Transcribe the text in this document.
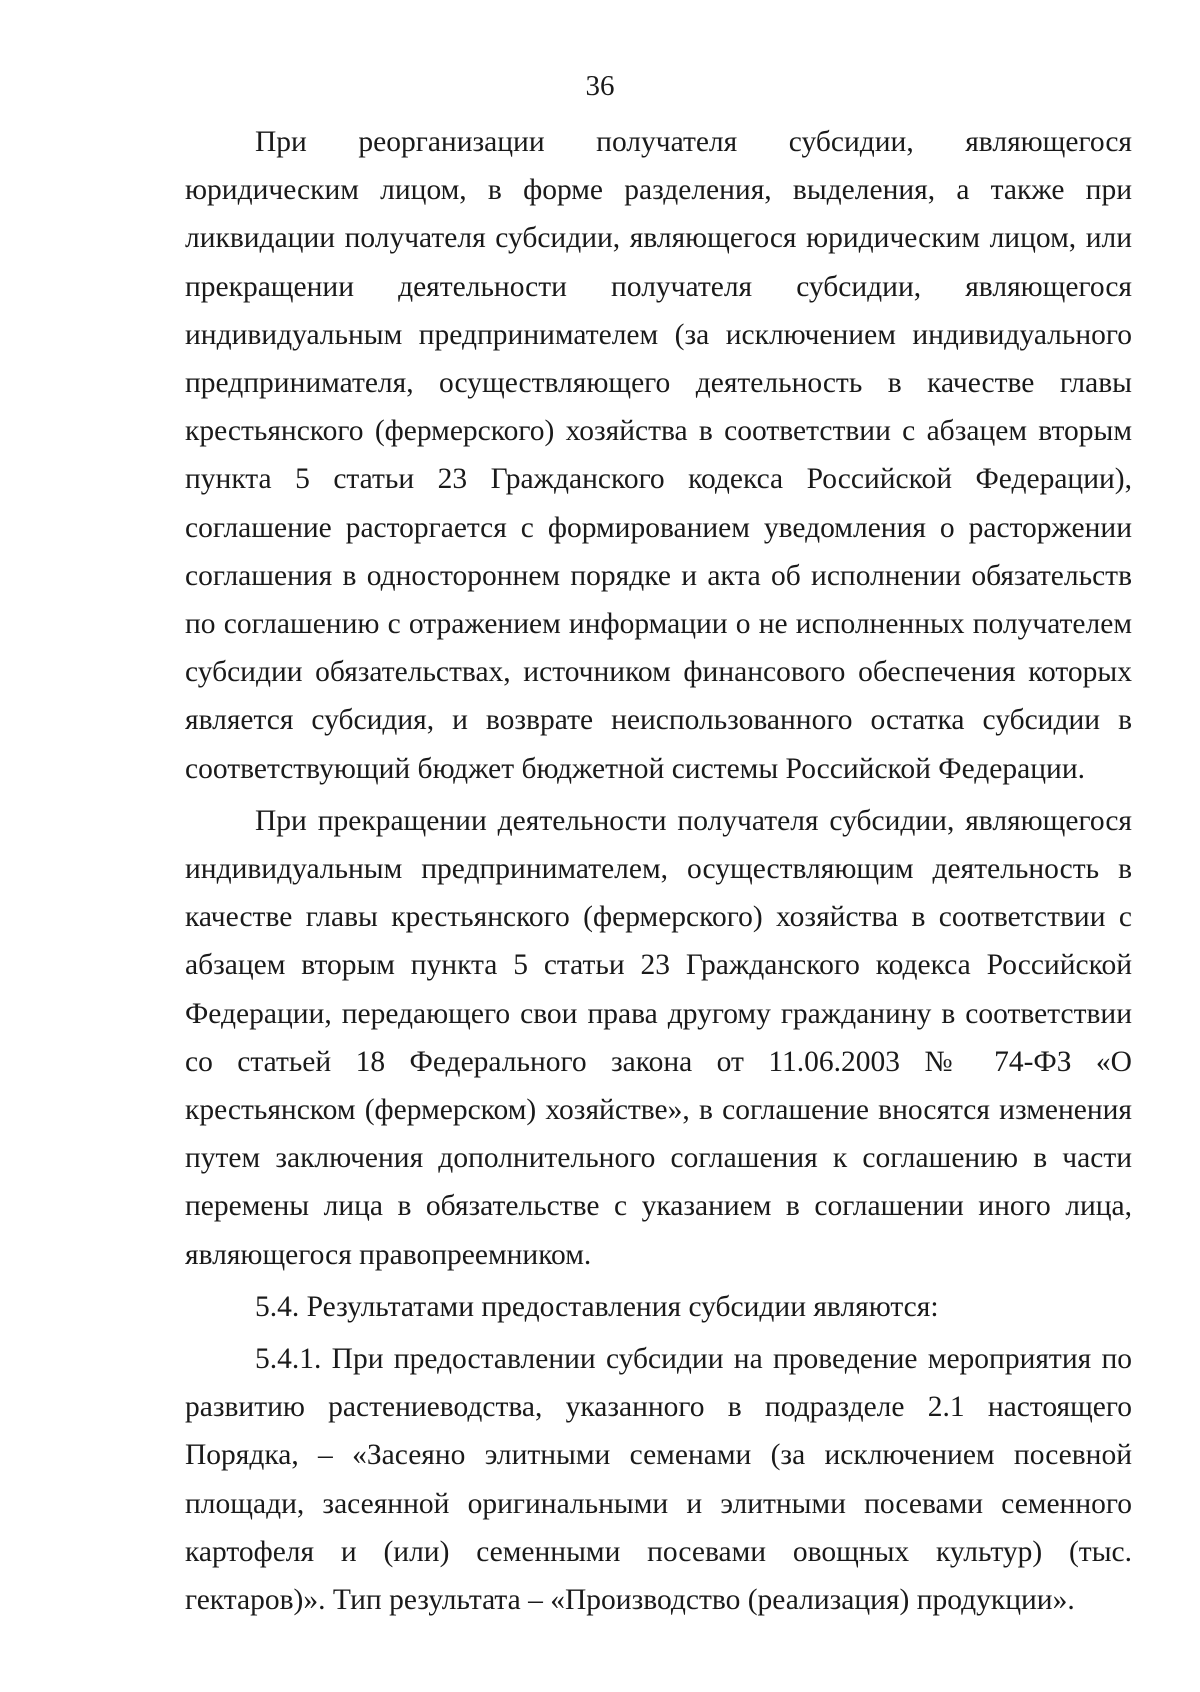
36

При реорганизации получателя субсидии, являющегося юридическим лицом, в форме разделения, выделения, а также при ликвидации получателя субсидии, являющегося юридическим лицом, или прекращении деятельности получателя субсидии, являющегося индивидуальным предпринимателем (за исключением индивидуального предпринимателя, осуществляющего деятельность в качестве главы крестьянского (фермерского) хозяйства в соответствии с абзацем вторым пункта 5 статьи 23 Гражданского кодекса Российской Федерации), соглашение расторгается с формированием уведомления о расторжении соглашения в одностороннем порядке и акта об исполнении обязательств по соглашению с отражением информации о не исполненных получателем субсидии обязательствах, источником финансового обеспечения которых является субсидия, и возврате неиспользованного остатка субсидии в соответствующий бюджет бюджетной системы Российской Федерации.

При прекращении деятельности получателя субсидии, являющегося индивидуальным предпринимателем, осуществляющим деятельность в качестве главы крестьянского (фермерского) хозяйства в соответствии с абзацем вторым пункта 5 статьи 23 Гражданского кодекса Российской Федерации, передающего свои права другому гражданину в соответствии со статьей 18 Федерального закона от 11.06.2003 № 74-ФЗ «О крестьянском (фермерском) хозяйстве», в соглашение вносятся изменения путем заключения дополнительного соглашения к соглашению в части перемены лица в обязательстве с указанием в соглашении иного лица, являющегося правопреемником.

5.4. Результатами предоставления субсидии являются:

5.4.1. При предоставлении субсидии на проведение мероприятия по развитию растениеводства, указанного в подразделе 2.1 настоящего Порядка, – «Засеяно элитными семенами (за исключением посевной площади, засеянной оригинальными и элитными посевами семенного картофеля и (или) семенными посевами овощных культур) (тыс. гектаров)». Тип результата – «Производство (реализация) продукции».
